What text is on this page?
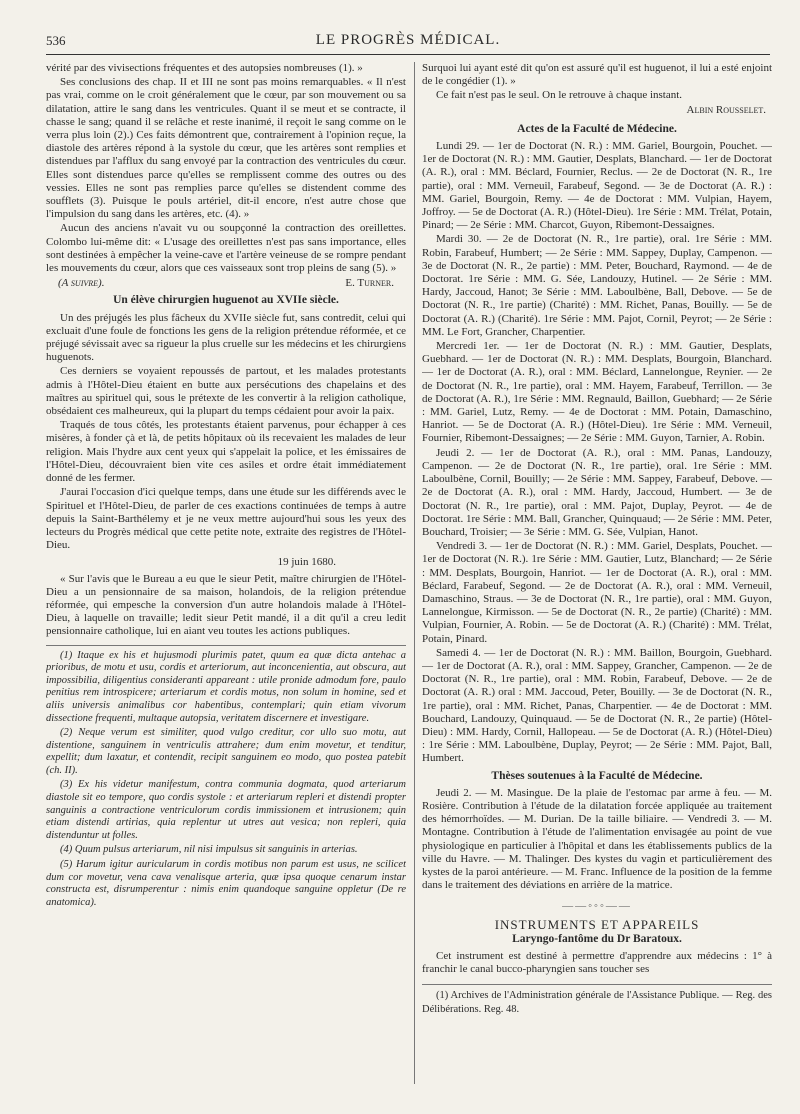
536	LE PROGRÈS MÉDICAL.

vérité par des vivisections fréquentes et des autopsies nombreuses (1). »

Ses conclusions des chap. II et III ne sont pas moins remarquables. « Il n'est pas vrai, comme on le croit généralement que le cœur, par son mouvement ou sa dilatation, attire le sang dans les ventricules. Quant il se meut et se contracte, il chasse le sang; quand il se relâche et reste inanimé, il reçoit le sang comme on le verra plus loin (2).) Ces faits démontrent que, contrairement à l'opinion reçue, la diastole des artères répond à la systole du cœur, que les artères sont remplies et distendues par l'afflux du sang envoyé par la contraction des ventricules du cœur. Elles sont distendues parce qu'elles se remplissent comme des outres ou des vessies. Elles ne sont pas remplies parce qu'elles se distendent comme des soufflets (3). Puisque le pouls artériel, dit-il encore, n'est autre chose que l'impulsion du sang dans les artères, etc. (4). »

Aucun des anciens n'avait vu ou soupçonné la contraction des oreillettes. Colombo lui-même dit: « L'usage des oreillettes n'est pas sans importance, elles sont destinées à empêcher la veine-cave et l'artère veineuse de se rompre pendant les mouvements du cœur, alors que ces vaisseaux sont trop pleins de sang (5). »

(A suivre).	E. Turner.
Un élève chirurgien huguenot au XVIIe siècle.

Un des préjugés les plus fâcheux du XVIIe siècle fut, sans contredit, celui qui excluait d'une foule de fonctions les gens de la religion prétendue réformée, et ce préjugé sévissait avec sa rigueur la plus cruelle sur les médecins et les chirurgiens huguenots.

Ces derniers se voyaient repoussés de partout, et les malades protestants admis à l'Hôtel-Dieu étaient en butte aux persécutions des chapelains et des maîtres au spirituel qui, sous le prétexte de les convertir à la religion catholique, obsédaient ces malheureux, qui la plupart du temps cédaient pour avoir la paix.

Traqués de tous côtés, les protestants étaient parvenus, pour échapper à ces misères, à fonder çà et là, de petits hôpitaux où ils recevaient les malades de leur religion. Mais l'hydre aux cent yeux qui s'appelait la police, et les émissaires de l'Hôtel-Dieu, découvraient bien vite ces asiles et ordre était immédiatement donné de les fermer.

J'aurai l'occasion d'ici quelque temps, dans une étude sur les différends avec le Spirituel et l'Hôtel-Dieu, de parler de ces exactions continuées de temps à autre depuis la Saint-Barthélemy et je ne veux mettre aujourd'hui sous les yeux des lecteurs du Progrès médical que cette petite note, extraite des registres de l'Hôtel-Dieu.

19 juin 1680.

« Sur l'avis que le Bureau a eu que le sieur Petit, maître chirurgien de l'Hôtel-Dieu a un pensionnaire de sa maison, holandois, de la religion prétendue réformée, qui empesche la conversion d'un autre holandois malade à l'Hôtel-Dieu, à laquelle on travaille; ledit sieur Petit mandé, il a dit qu'il a creu ledit pensionnaire catholique, lui en aiant veu toutes les actions publiques.

(1) Itaque ex his et hujusmodi plurimis patet, quum ea quæ dicta antehac a prioribus, de motu et usu, cordis et arteriorum, aut inconcenientia, aut obscura, aut impossibilia, diligentius consideranti appareant : utile pronide admodum fore, paulo penitius rem introspicere; arteriarum et cordis motus, non solum in homine, sed et aliis universis animalibus cor habentibus, contemplari; quin etiam vivorum dissectione frequenti, multaque autopsia, veritatem discernere et investigare.

(2) Neque verum est similiter, quod vulgo creditur, cor ullo suo motu, aut distentione, sanguinem in ventriculis attrahere; dum enim movetur, et tenditur, expellit; dum laxatur, et contendit, recipit sanguinem eo modo, quo postea patebit (ch. II).

(3) Ex his videtur manifestum, contra communia dogmata, quod arteriarum diastole sit eo tempore, quo cordis systole : et arteriarum repleri et distendi propter sanguinis a contractione ventriculorum cordis immissionem et intrusionem; quin etiam distendi artirias, quia replentur ut utres aut vesica; non repleri, quia distenduntur ut folles.

(4) Quum pulsus arteriarum, nil nisi impulsus sit sanguinis in arterias.

(5) Harum igitur auricularum in cordis motibus non parum est usus, ne scilicet dum cor movetur, vena cava venalisque arteria, quæ ipsa quoque cenarum instar constructa est, disrumperentur : nimis enim quandoque sanguine oppletur (De re anatomica).

Surquoi lui ayant esté dit qu'on est assuré qu'il est huguenot, il lui a esté enjoint de le congédier (1). »

Ce fait n'est pas le seul. On le retrouve à chaque instant.

Albin Rousselet.
Actes de la Faculté de Médecine.

Lundi 29. — 1er de Doctorat (N. R.) : MM. Gariel, Bourgoin, Pouchet. — 1er de Doctorat (N. R.) : MM. Gautier, Desplats, Blanchard. — 1er de Doctorat (A. R.), oral : MM. Béclard, Fournier, Reclus. — 2e de Doctorat (N. R., 1re partie), oral : MM. Verneuil, Farabeuf, Segond. — 3e de Doctorat (A. R.) : MM. Gariel, Bourgoin, Remy. — 4e de Doctorat : MM. Vulpian, Hayem, Joffroy. — 5e de Doctorat (A. R.) (Hôtel-Dieu). 1re Série : MM. Trélat, Potain, Pinard; — 2e Série : MM. Charcot, Guyon, Ribemont-Dessaignes.

Mardi 30. — 2e de Doctorat (N. R., 1re partie), oral. 1re Série : MM. Robin, Farabeuf, Humbert; — 2e Série : MM. Sappey, Duplay, Campenon. — 3e de Doctorat (N. R., 2e partie) : MM. Peter, Bouchard, Raymond. — 4e de Doctorat. 1re Série : MM. G. Sée, Landouzy, Hutinel. — 2e Série : MM. Hardy, Jaccoud, Hanot; 3e Série : MM. Laboulbène, Ball, Debove. — 5e de Doctorat (N. R., 1re partie) (Charité) : MM. Richet, Panas, Bouilly. — 5e de Doctorat (A. R.) (Charité). 1re Série : MM. Pajot, Cornil, Peyrot; — 2e Série : MM. Le Fort, Grancher, Charpentier.

Mercredi 1er. — 1er de Doctorat (N. R.) : MM. Gautier, Desplats, Guebhard. — 1er de Doctorat (N. R.) : MM. Desplats, Bourgoin, Blanchard. — 1er de Doctorat (A. R.), oral : MM. Béclard, Lannelongue, Reynier. — 2e de Doctorat (N. R., 1re partie), oral : MM. Hayem, Farabeuf, Terrillon. — 3e de Doctorat (A. R.), 1re Série : MM. Regnauld, Baillon, Guebhard; — 2e Série : MM. Gariel, Lutz, Remy. — 4e de Doctorat : MM. Potain, Damaschino, Hanriot. — 5e de Doctorat (A. R.) (Hôtel-Dieu). 1re Série : MM. Verneuil, Fournier, Ribemont-Dessaignes; — 2e Série : MM. Guyon, Tarnier, A. Robin.

Jeudi 2. — 1er de Doctorat (A. R.), oral : MM. Panas, Landouzy, Campenon. — 2e de Doctorat (N. R., 1re partie), oral. 1re Série : MM. Laboulbène, Cornil, Bouilly; — 2e Série : MM. Sappey, Farabeuf, Debove. — 2e de Doctorat (A. R.), oral : MM. Hardy, Jaccoud, Humbert. — 3e de Doctorat (N. R., 1re partie), oral : MM. Pajot, Duplay, Peyrot. — 4e de Doctorat. 1re Série : MM. Ball, Grancher, Quinquaud; — 2e Série : MM. Peter, Bouchard, Troisier; — 3e Série : MM. G. Sée, Vulpian, Hanot.

Vendredi 3. — 1er de Doctorat (N. R.) : MM. Gariel, Desplats, Pouchet. — 1er de Doctorat (N. R.). 1re Série : MM. Gautier, Lutz, Blanchard; — 2e Série : MM. Desplats, Bourgoin, Hanriot. — 1er de Doctorat (A. R.), oral : MM. Béclard, Farabeuf, Segond. — 2e de Doctorat (A. R.), oral : MM. Verneuil, Damaschino, Straus. — 3e de Doctorat (N. R., 1re partie), oral : MM. Guyon, Lannelongue, Kirmisson. — 5e de Doctorat (N. R., 2e partie) (Charité) : MM. Vulpian, Fournier, A. Robin. — 5e de Doctorat (A. R.) (Charité) : MM. Trélat, Potain, Pinard.

Samedi 4. — 1er de Doctorat (N. R.) : MM. Baillon, Bourgoin, Guebhard. — 1er de Doctorat (A. R.), oral : MM. Sappey, Grancher, Campenon. — 2e de Doctorat (N. R., 1re partie), oral : MM. Robin, Farabeuf, Debove. — 2e de Doctorat (A. R.) oral : MM. Jaccoud, Peter, Bouilly. — 3e de Doctorat (N. R., 1re partie), oral : MM. Richet, Panas, Charpentier. — 4e de Doctorat : MM. Bouchard, Landouzy, Quinquaud. — 5e de Doctorat (N. R., 2e partie) (Hôtel-Dieu) : MM. Hardy, Cornil, Hallopeau. — 5e de Doctorat (A. R.) (Hôtel-Dieu) : 1re Série : MM. Laboulbène, Duplay, Peyrot; — 2e Série : MM. Pajot, Ball, Humbert.

Thèses soutenues à la Faculté de Médecine.

Jeudi 2. — M. Masingue. De la plaie de l'estomac par arme à feu. — M. Rosière. Contribution à l'étude de la dilatation forcée appliquée au traitement des hémorrhoïdes. — M. Durian. De la taille biliaire. — Vendredi 3. — M. Montagne. Contribution à l'étude de l'alimentation envisagée au point de vue physiologique en particulier à l'hôpital et dans les établissements publics de la ville du Havre. — M. Thalinger. Des kystes du vagin et particulièrement des kystes de la paroi antérieure. — M. Franc. Influence de la position de la femme dans le traitement des déviations en arrière de la matrice.

——◦◦◦——
INSTRUMENTS ET APPAREILS
Laryngo-fantôme du Dr Baratoux.

Cet instrument est destiné à permettre d'apprendre aux médecins : 1° à franchir le canal bucco-pharyngien sans toucher ses

(1) Archives de l'Administration générale de l'Assistance Publique. — Reg. des Délibérations. Reg. 48.
